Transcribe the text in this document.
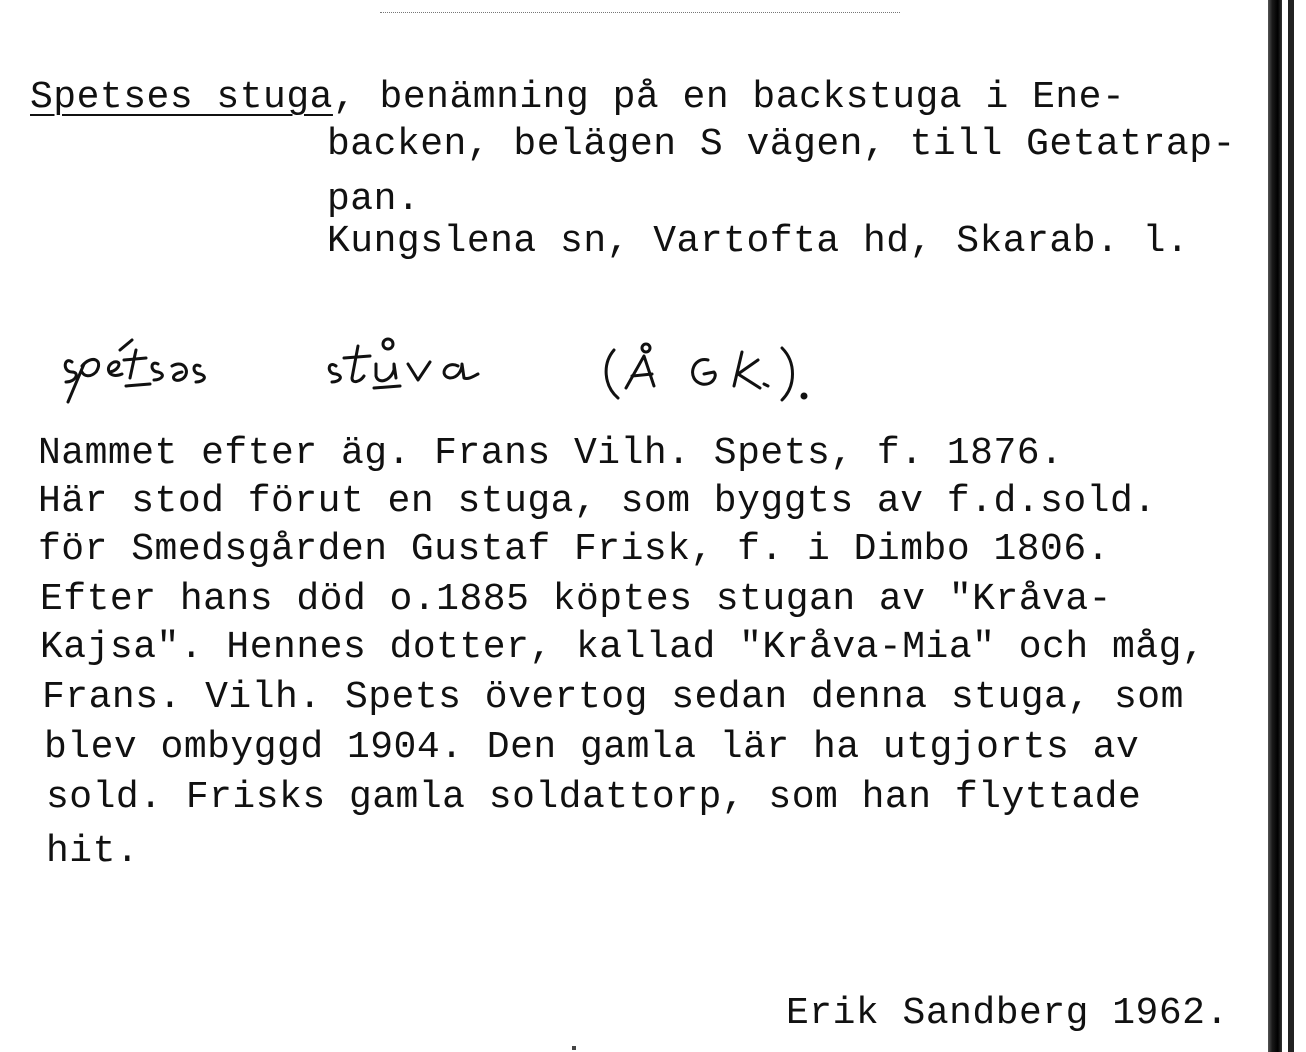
Spetses stuga, benämning på en backstuga i Ene-
backen, belägen S vägen, till Getatrap-
pan.
Kungslena sn, Vartofta hd, Skarab. l.
Nammet efter äg. Frans Vilh. Spets, f. 1876.
Här stod förut en stuga, som byggts av f.d.sold.
för Smedsgården Gustaf Frisk, f. i Dimbo 1806.
Efter hans död o.1885 köptes stugan av "Kråva-
Kajsa". Hennes dotter, kallad "Kråva-Mia" och måg,
Frans. Vilh. Spets övertog sedan denna stuga, som
blev ombyggd 1904. Den gamla lär ha utgjorts av
sold. Frisks gamla soldattorp, som han flyttade
hit.
Erik Sandberg 1962.
